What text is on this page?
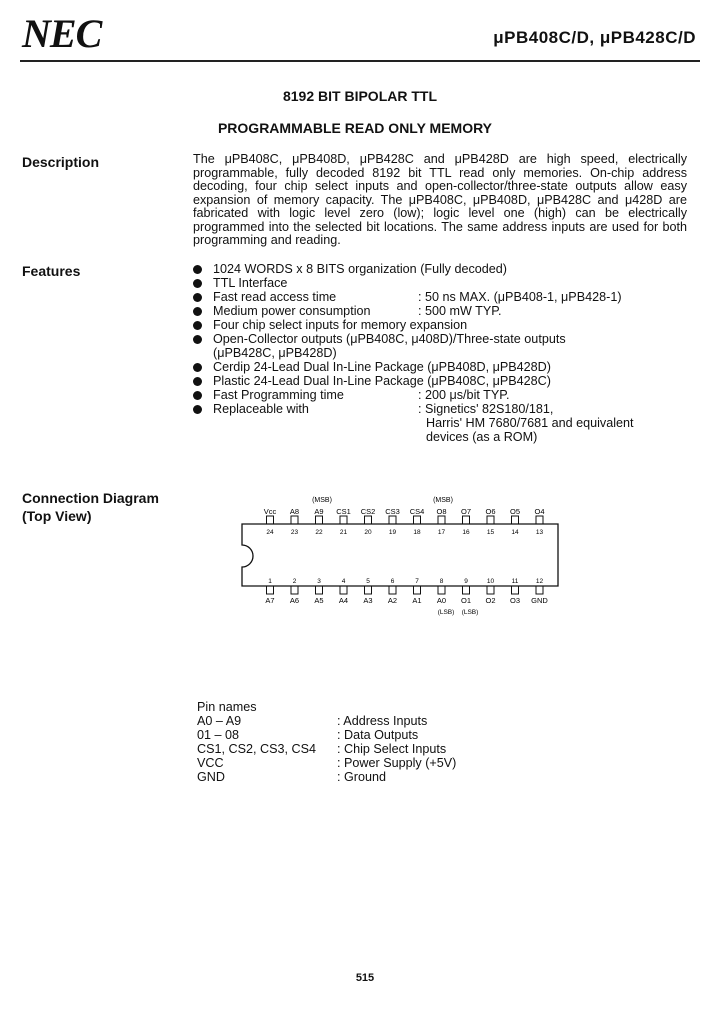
NEC	μPB408C/D, μPB428C/D
8192 BIT BIPOLAR TTL
PROGRAMMABLE READ ONLY MEMORY
Description	The μPB408C, μPB408D, μPB428C and μPB428D are high speed, electrically programmable, fully decoded 8192 bit TTL read only memories. On-chip address decoding, four chip select inputs and open-collector/three-state outputs allow easy expansion of memory capacity. The μPB408C, μPB408D, μPB428C and μ428D are fabricated with logic level zero (low); logic level one (high) can be electrically programmed into the selected bit locations. The same address inputs are used for both programming and reading.
Features	1024 WORDS x 8 BITS organization (Fully decoded)
TTL Interface
Fast read access time	: 50 ns MAX. (μPB408-1, μPB428-1)
Medium power consumption	: 500 mW TYP.
Four chip select inputs for memory expansion
Open-Collector outputs (μPB408C, μ408D)/Three-state outputs
(μPB428C, μPB428D)
Cerdip 24-Lead Dual In-Line Package (μPB408D, μPB428D)
Plastic 24-Lead Dual In-Line Package (μPB408C, μPB428C)
Fast Programming time	: 200 μs/bit TYP.
Replaceable with	: Signetics' 82S180/181,
Harris' HM 7680/7681 and equivalent
devices (as a ROM)
Connection Diagram
(Top View)
(MSB)	(MSB)
Vcc A8 A9 CS1 CS2 CS3 CS4 O8 O7 O6 O5 O4
24	23	22	21	20	19	18	17	16	15	14	13
1	2	3	4	5	6	7	8	9	10	11	12
A7 A6 A5 A4 A3 A2 A1 A0 O1 O2 O3 GND
(LSB) (LSB)
Pin names
A0 – A9	: Address Inputs
01 – 08	: Data Outputs
CS1, CS2, CS3, CS4 : Chip Select Inputs
VCC	: Power Supply (+5V)
GND	: Ground
515
